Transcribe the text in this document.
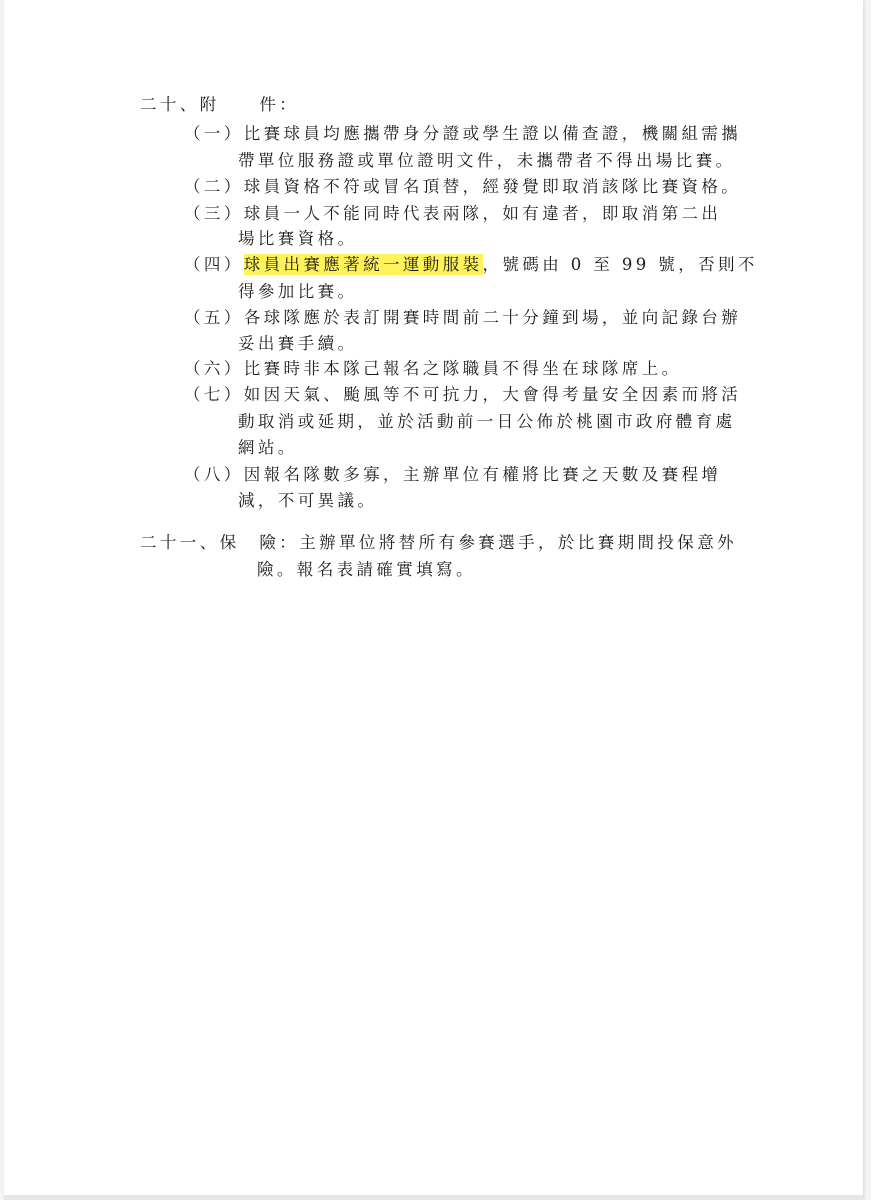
二十、附　　件：
（一）比賽球員均應攜帶身分證或學生證以備查證，機關組需攜
帶單位服務證或單位證明文件，未攜帶者不得出場比賽。
（二）球員資格不符或冒名頂替，經發覺即取消該隊比賽資格。
（三）球員一人不能同時代表兩隊，如有違者，即取消第二出
場比賽資格。
（四）球員出賽應著統一運動服裝，號碼由 0 至 99 號，否則不
得參加比賽。
（五）各球隊應於表訂開賽時間前二十分鐘到場，並向記錄台辦
妥出賽手續。
（六）比賽時非本隊己報名之隊職員不得坐在球隊席上。
（七）如因天氣、颱風等不可抗力，大會得考量安全因素而將活
動取消或延期，並於活動前一日公佈於桃園市政府體育處
網站。
（八）因報名隊數多寡，主辦單位有權將比賽之天數及賽程增
減，不可異議。
二十一、保　險：主辦單位將替所有參賽選手，於比賽期間投保意外
險。報名表請確實填寫。
